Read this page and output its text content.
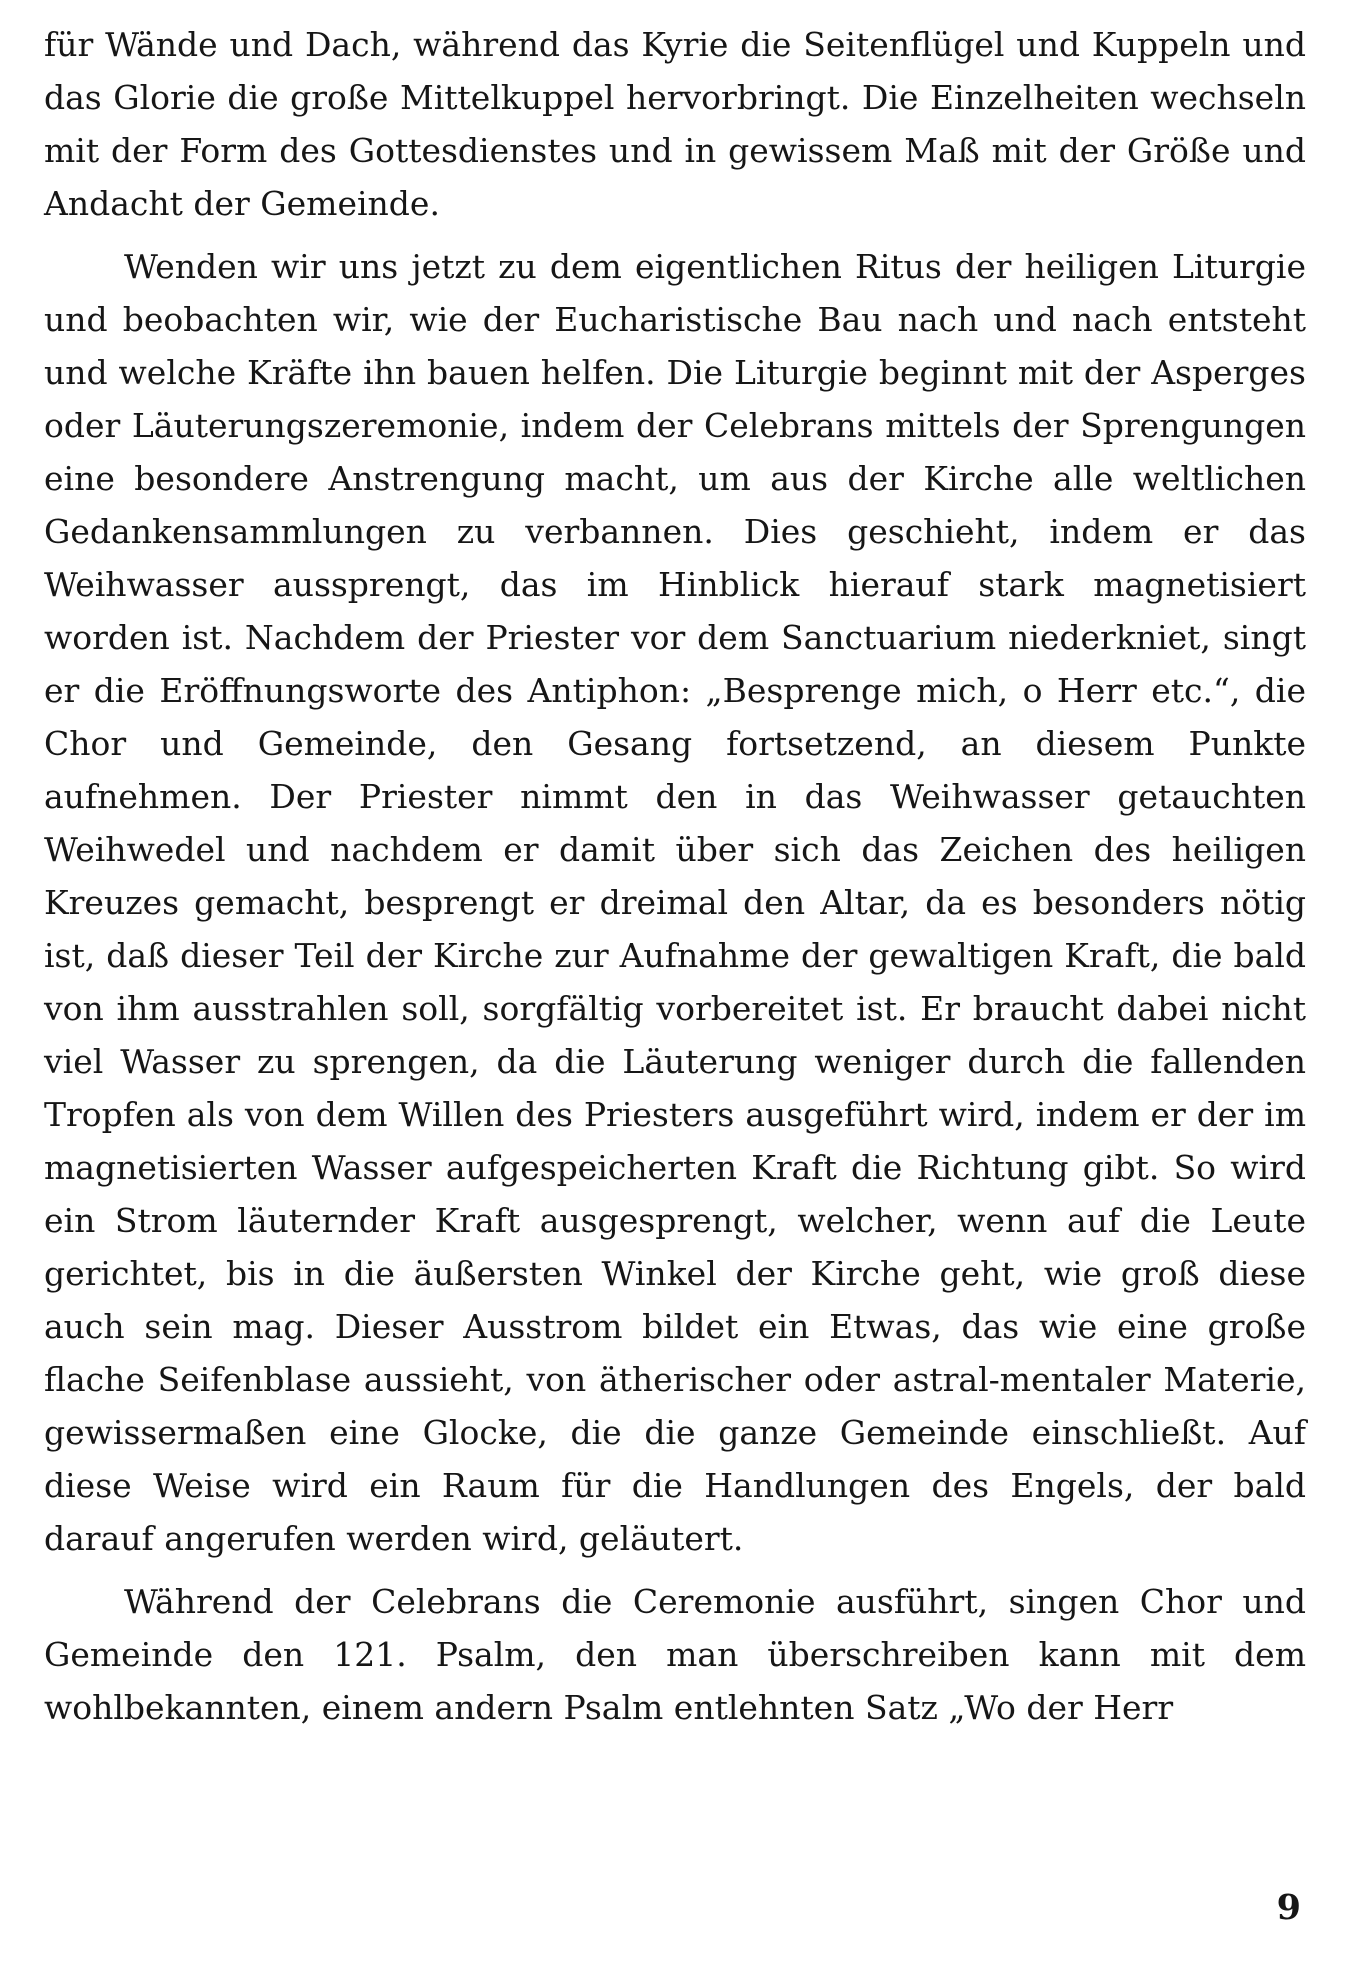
für Wände und Dach, während das Kyrie die Seitenflügel und Kuppeln und das Glorie die große Mittelkuppel hervorbringt. Die Einzelheiten wechseln mit der Form des Gottesdienstes und in gewissem Maß mit der Größe und Andacht der Gemeinde.

Wenden wir uns jetzt zu dem eigentlichen Ritus der heiligen Liturgie und beobachten wir, wie der Eucharistische Bau nach und nach entsteht und welche Kräfte ihn bauen helfen. Die Liturgie beginnt mit der Asperges oder Läuterungszeremonie, indem der Celebrans mittels der Sprengungen eine besondere Anstrengung macht, um aus der Kirche alle weltlichen Gedankensammlungen zu verbannen. Dies geschieht, indem er das Weihwasser aussprengt, das im Hinblick hierauf stark magnetisiert worden ist. Nachdem der Priester vor dem Sanctuarium niederkniet, singt er die Eröffnungsworte des Antiphon: „Besprenge mich, o Herr etc.“, die Chor und Gemeinde, den Gesang fortsetzend, an diesem Punkte aufnehmen. Der Priester nimmt den in das Weihwasser getauchten Weihwedel und nachdem er damit über sich das Zeichen des heiligen Kreuzes gemacht, besprengt er dreimal den Altar, da es besonders nötig ist, daß dieser Teil der Kirche zur Aufnahme der gewaltigen Kraft, die bald von ihm ausstrahlen soll, sorgfältig vorbereitet ist. Er braucht dabei nicht viel Wasser zu sprengen, da die Läuterung weniger durch die fallenden Tropfen als von dem Willen des Priesters ausgeführt wird, indem er der im magnetisierten Wasser aufgespeicherten Kraft die Richtung gibt. So wird ein Strom läuternder Kraft ausgesprengt, welcher, wenn auf die Leute gerichtet, bis in die äußersten Winkel der Kirche geht, wie groß diese auch sein mag. Dieser Ausstrom bildet ein Etwas, das wie eine große flache Seifenblase aussieht, von ätherischer oder astral-mentaler Materie, gewissermaßen eine Glocke, die die ganze Gemeinde einschließt. Auf diese Weise wird ein Raum für die Handlungen des Engels, der bald darauf angerufen werden wird, geläutert.

Während der Celebrans die Ceremonie ausführt, singen Chor und Gemeinde den 121. Psalm, den man überschreiben kann mit dem wohlbekannten, einem andern Psalm entlehnten Satz „Wo der Herr

9
